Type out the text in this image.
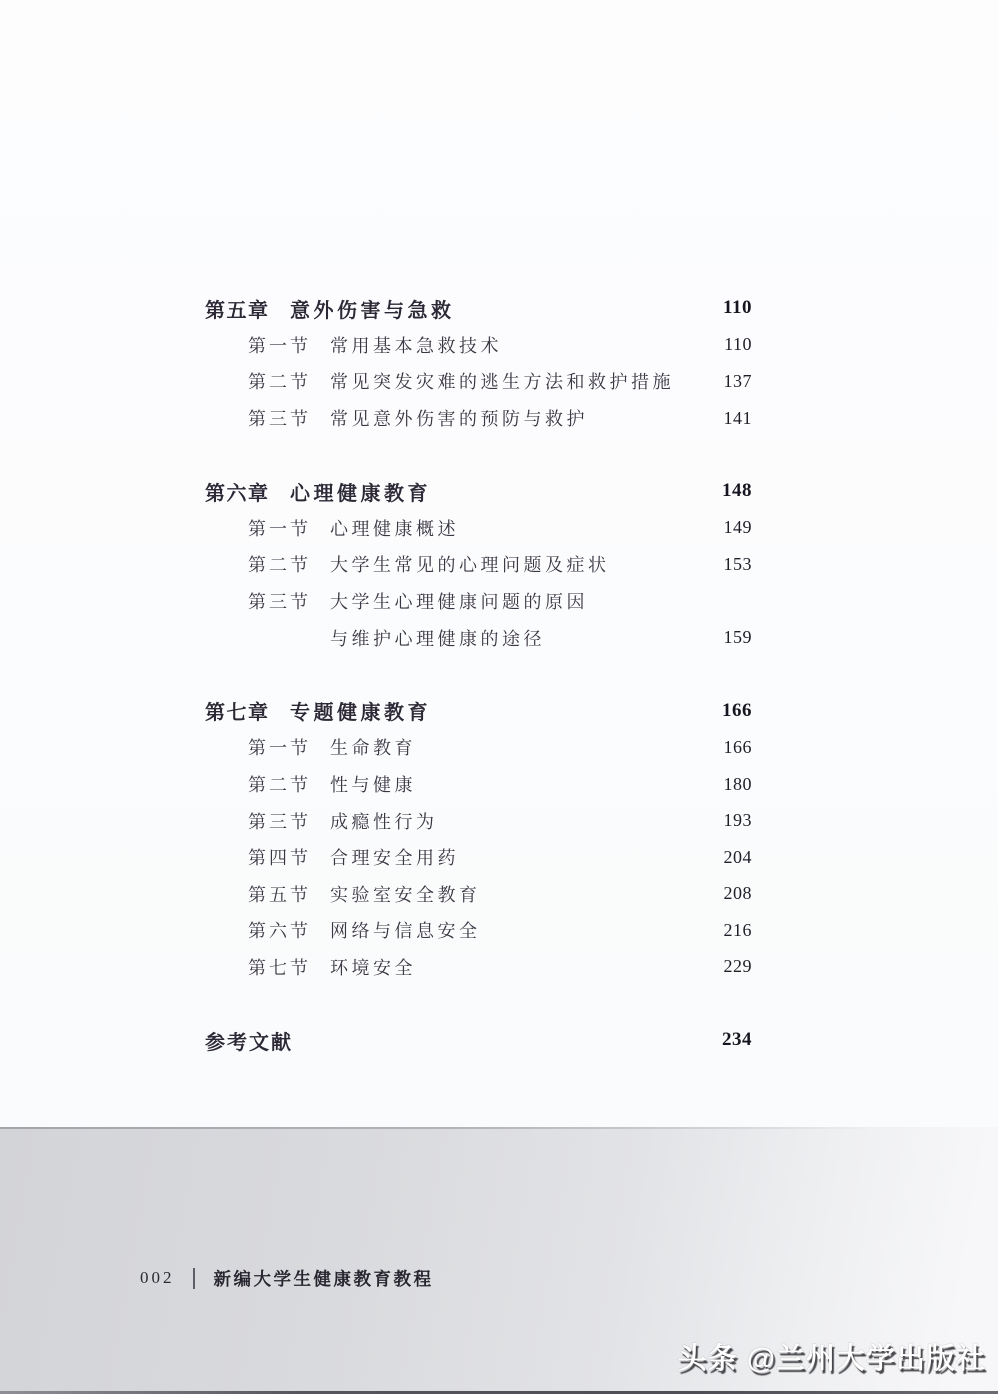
第五章	意外伤害与急救	110
第一节	常用基本急救技术	110
第二节	常见突发灾难的逃生方法和救护措施	137
第三节	常见意外伤害的预防与救护	141
第六章	心理健康教育	148
第一节	心理健康概述	149
第二节	大学生常见的心理问题及症状	153
第三节	大学生心理健康问题的原因
与维护心理健康的途径	159
第七章	专题健康教育	166
第一节	生命教育	166
第二节	性与健康	180
第三节	成瘾性行为	193
第四节	合理安全用药	204
第五节	实验室安全教育	208
第六节	网络与信息安全	216
第七节	环境安全	229
参考文献	234
002 新编大学生健康教育教程
头条 @兰州大学出版社
